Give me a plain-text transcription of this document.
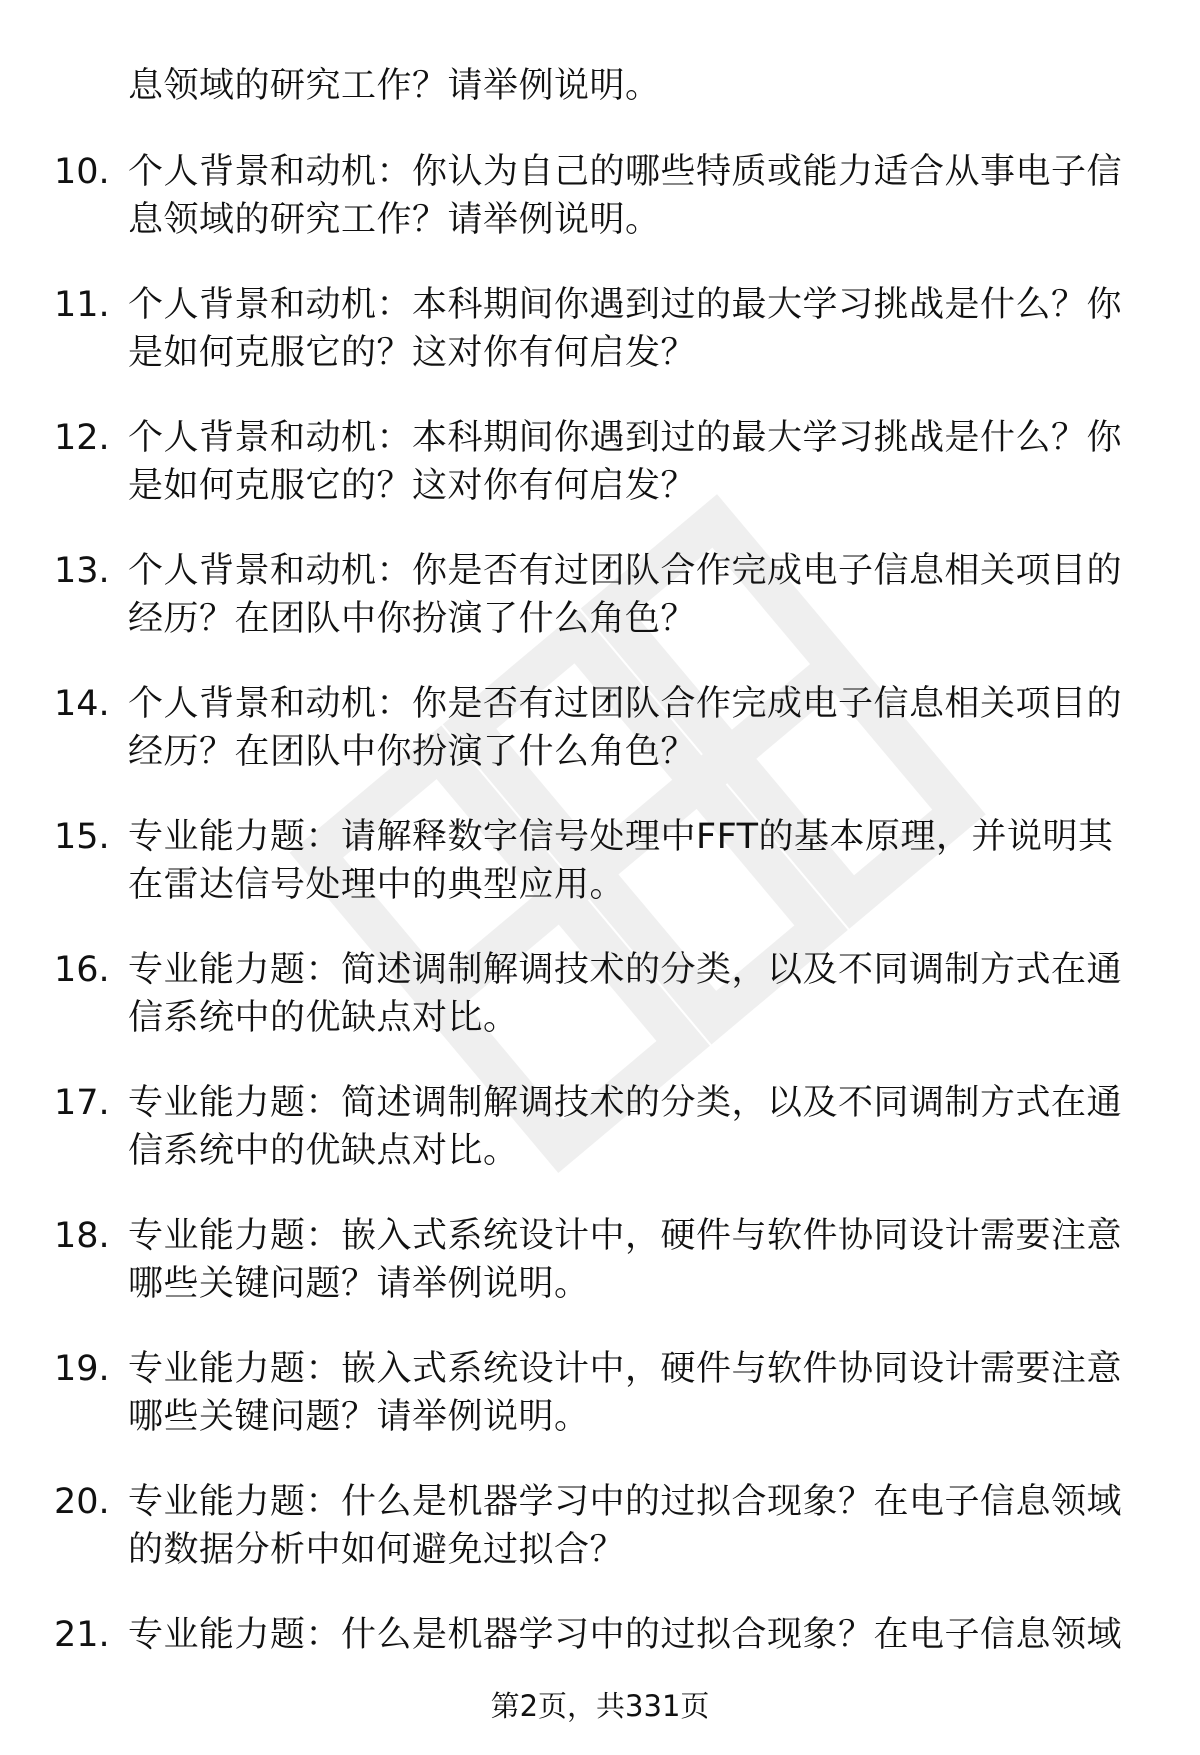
息领域的研究工作？请举例说明。
10. 个人背景和动机：你认为自己的哪些特质或能力适合从事电子信息领域的研究工作？请举例说明。
11. 个人背景和动机：本科期间你遇到过的最大学习挑战是什么？你是如何克服它的？这对你有何启发？
12. 个人背景和动机：本科期间你遇到过的最大学习挑战是什么？你是如何克服它的？这对你有何启发？
13. 个人背景和动机：你是否有过团队合作完成电子信息相关项目的经历？在团队中你扮演了什么角色？
14. 个人背景和动机：你是否有过团队合作完成电子信息相关项目的经历？在团队中你扮演了什么角色？
15. 专业能力题：请解释数字信号处理中FFT的基本原理，并说明其在雷达信号处理中的典型应用。
16. 专业能力题：简述调制解调技术的分类，以及不同调制方式在通信系统中的优缺点对比。
17. 专业能力题：简述调制解调技术的分类，以及不同调制方式在通信系统中的优缺点对比。
18. 专业能力题：嵌入式系统设计中，硬件与软件协同设计需要注意哪些关键问题？请举例说明。
19. 专业能力题：嵌入式系统设计中，硬件与软件协同设计需要注意哪些关键问题？请举例说明。
20. 专业能力题：什么是机器学习中的过拟合现象？在电子信息领域的数据分析中如何避免过拟合？
21. 专业能力题：什么是机器学习中的过拟合现象？在电子信息领域
第2页，共331页
